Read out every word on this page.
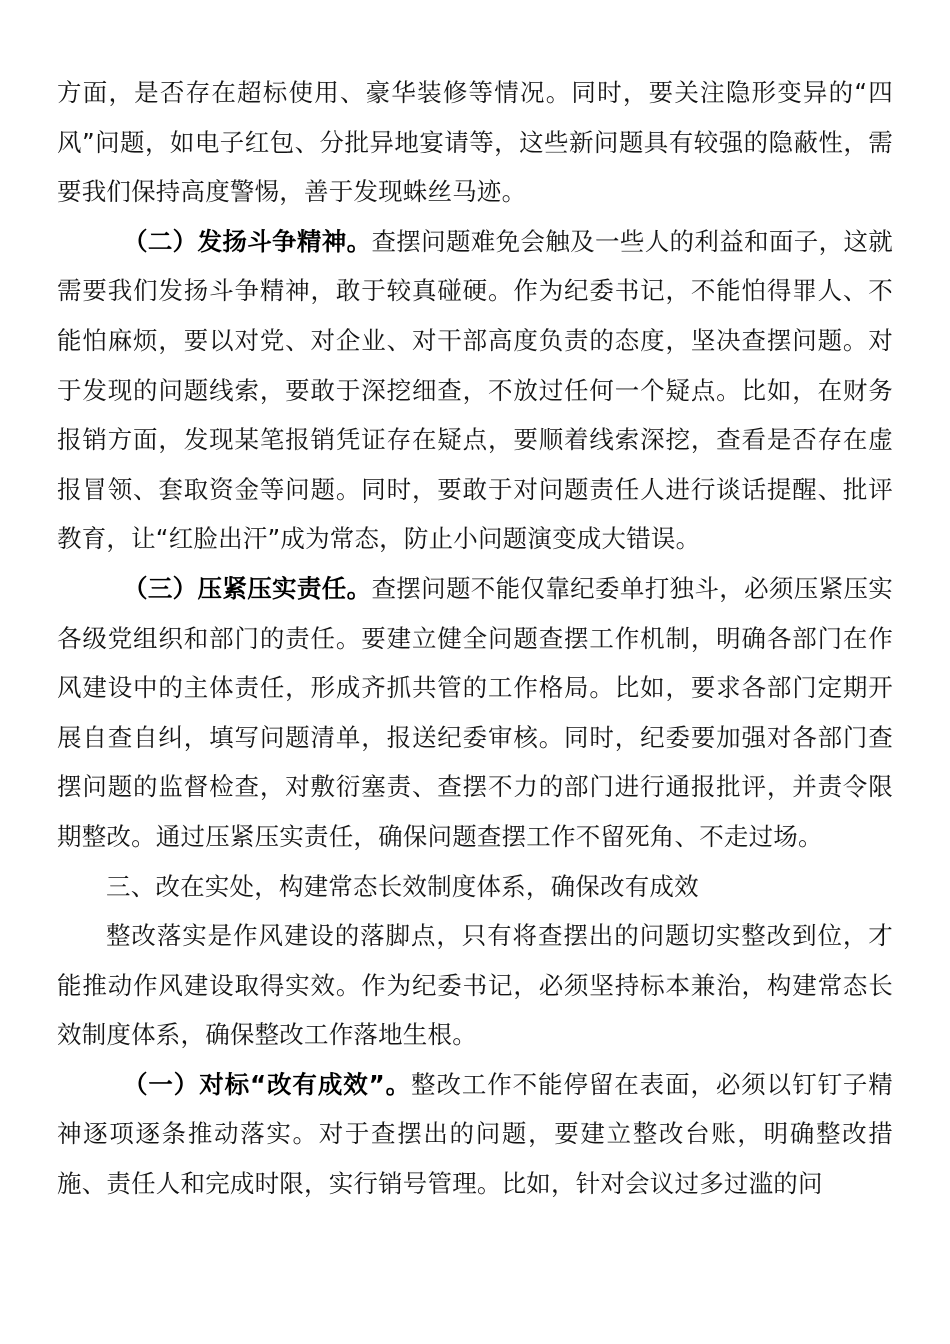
方面，是否存在超标使用、豪华装修等情况。同时，要关注隐形变异的“四风”问题，如电子红包、分批异地宴请等，这些新问题具有较强的隐蔽性，需要我们保持高度警惕，善于发现蛛丝马迹。

（二）发扬斗争精神。查摆问题难免会触及一些人的利益和面子，这就需要我们发扬斗争精神，敢于较真碰硬。作为纪委书记，不能怕得罪人、不能怕麻烦，要以对党、对企业、对干部高度负责的态度，坚决查摆问题。对于发现的问题线索，要敢于深挖细查，不放过任何一个疑点。比如，在财务报销方面，发现某笔报销凭证存在疑点，要顺着线索深挖，查看是否存在虚报冒领、套取资金等问题。同时，要敢于对问题责任人进行谈话提醒、批评教育，让“红脸出汗”成为常态，防止小问题演变成大错误。

（三）压紧压实责任。查摆问题不能仅靠纪委单打独斗，必须压紧压实各级党组织和部门的责任。要建立健全问题查摆工作机制，明确各部门在作风建设中的主体责任，形成齐抓共管的工作格局。比如，要求各部门定期开展自查自纠，填写问题清单，报送纪委审核。同时，纪委要加强对各部门查摆问题的监督检查，对敷衍塞责、查摆不力的部门进行通报批评，并责令限期整改。通过压紧压实责任，确保问题查摆工作不留死角、不走过场。

三、改在实处，构建常态长效制度体系，确保改有成效

整改落实是作风建设的落脚点，只有将查摆出的问题切实整改到位，才能推动作风建设取得实效。作为纪委书记，必须坚持标本兼治，构建常态长效制度体系，确保整改工作落地生根。

（一）对标“改有成效”。整改工作不能停留在表面，必须以钉钉子精神逐项逐条推动落实。对于查摆出的问题，要建立整改台账，明确整改措施、责任人和完成时限，实行销号管理。比如，针对会议过多过滥的问
